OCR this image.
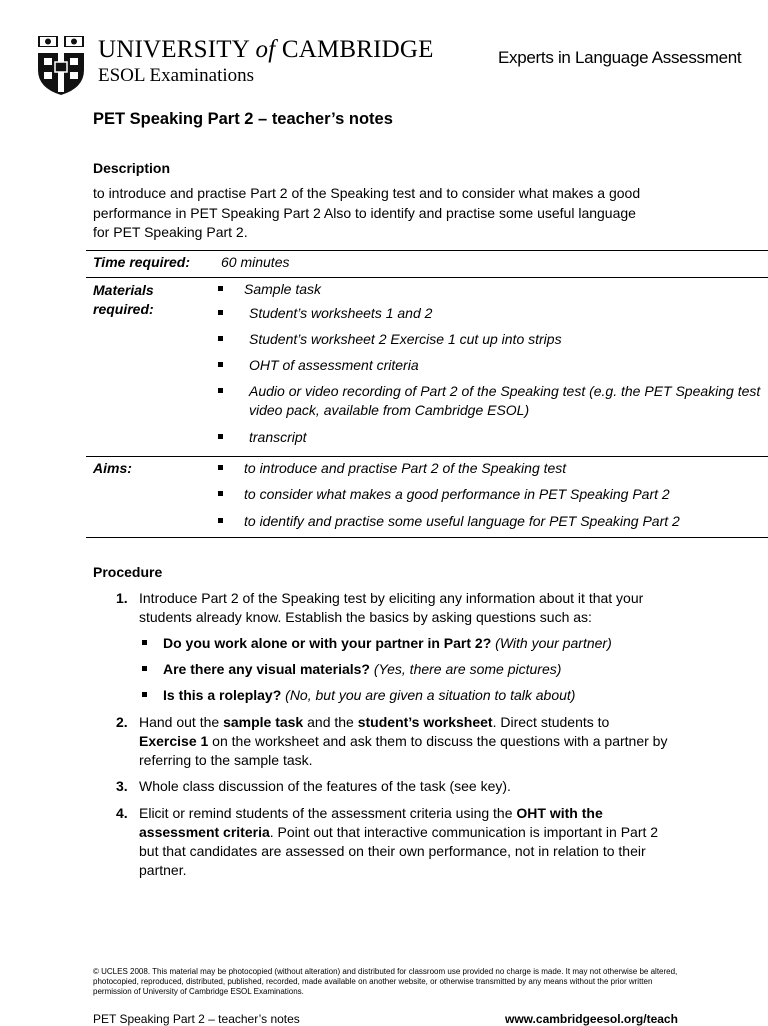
UNIVERSITY of CAMBRIDGE
ESOL Examinations
Experts in Language Assessment
PET Speaking Part 2 – teacher’s notes
Description
to introduce and practise Part 2 of the Speaking test and to consider what makes a good
performance in PET Speaking Part 2 Also to identify and practise some useful language
for PET Speaking Part 2.
Time required: 60 minutes
Materials
required:
Sample task
Student’s worksheets 1 and 2
Student’s worksheet 2 Exercise 1 cut up into strips
OHT of assessment criteria
Audio or video recording of Part 2 of the Speaking test (e.g. the PET Speaking test
video pack, available from Cambridge ESOL)
transcript
Aims:	to introduce and practise Part 2 of the Speaking test
to consider what makes a good performance in PET Speaking Part 2
to identify and practise some useful language for PET Speaking Part 2
Procedure
1. Introduce Part 2 of the Speaking test by eliciting any information about it that your
students already know. Establish the basics by asking questions such as:
Do you work alone or with your partner in Part 2? (With your partner)
Are there any visual materials? (Yes, there are some pictures)
Is this a roleplay? (No, but you are given a situation to talk about)
2. Hand out the sample task and the student’s worksheet. Direct students to
Exercise 1 on the worksheet and ask them to discuss the questions with a partner by
referring to the sample task.
3. Whole class discussion of the features of the task (see key).
4. Elicit or remind students of the assessment criteria using the OHT with the
assessment criteria. Point out that interactive communication is important in Part 2
but that candidates are assessed on their own performance, not in relation to their
partner.
© UCLES 2008. This material may be photocopied (without alteration) and distributed for classroom use provided no charge is made. It may not otherwise be altered, photocopied, reproduced, distributed, published, recorded, made available on another website, or otherwise transmitted by any means without the prior written permission of University of Cambridge ESOL Examinations.
PET Speaking Part 2 – teacher’s notes	www.cambridgeesol.org/teach
